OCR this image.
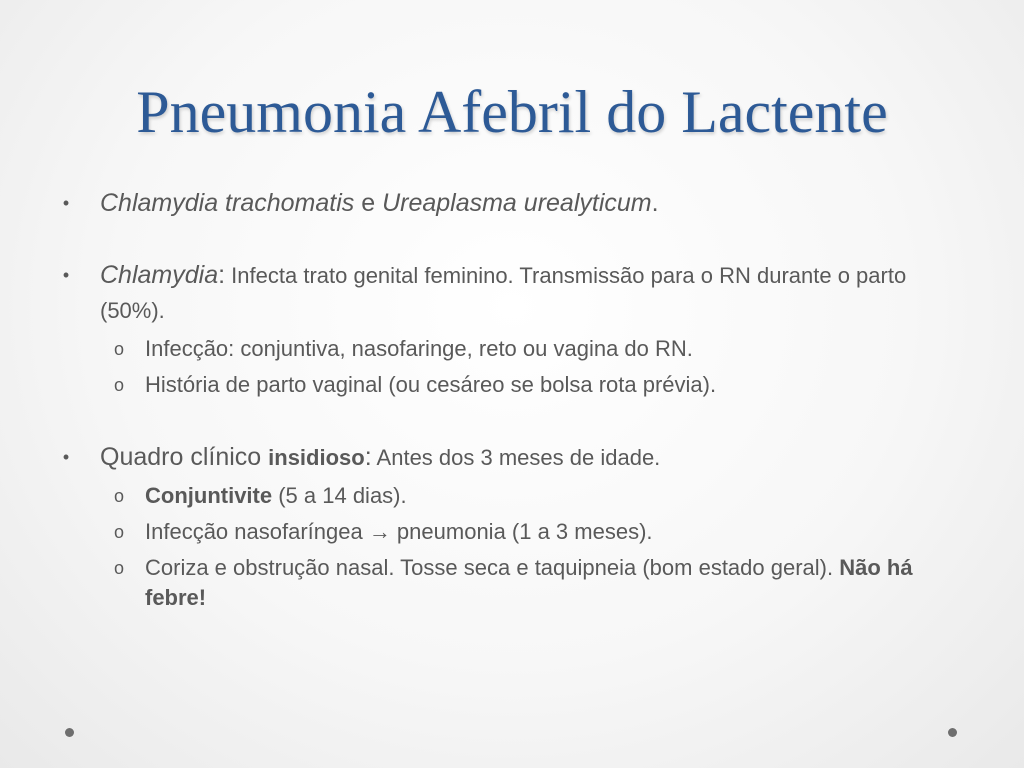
Pneumonia Afebril do Lactente
• Chlamydia trachomatis e Ureaplasma urealyticum.
• Chlamydia: Infecta trato genital feminino. Transmissão para o RN durante o parto (50%).
o Infecção: conjuntiva, nasofaringe, reto ou vagina do RN.
o História de parto vaginal (ou cesáreo se bolsa rota prévia).
• Quadro clínico insidioso: Antes dos 3 meses de idade.
o Conjuntivite (5 a 14 dias).
o Infecção nasofaríngea → pneumonia (1 a 3 meses).
o Coriza e obstrução nasal. Tosse seca e taquipneia (bom estado geral). Não há febre!
